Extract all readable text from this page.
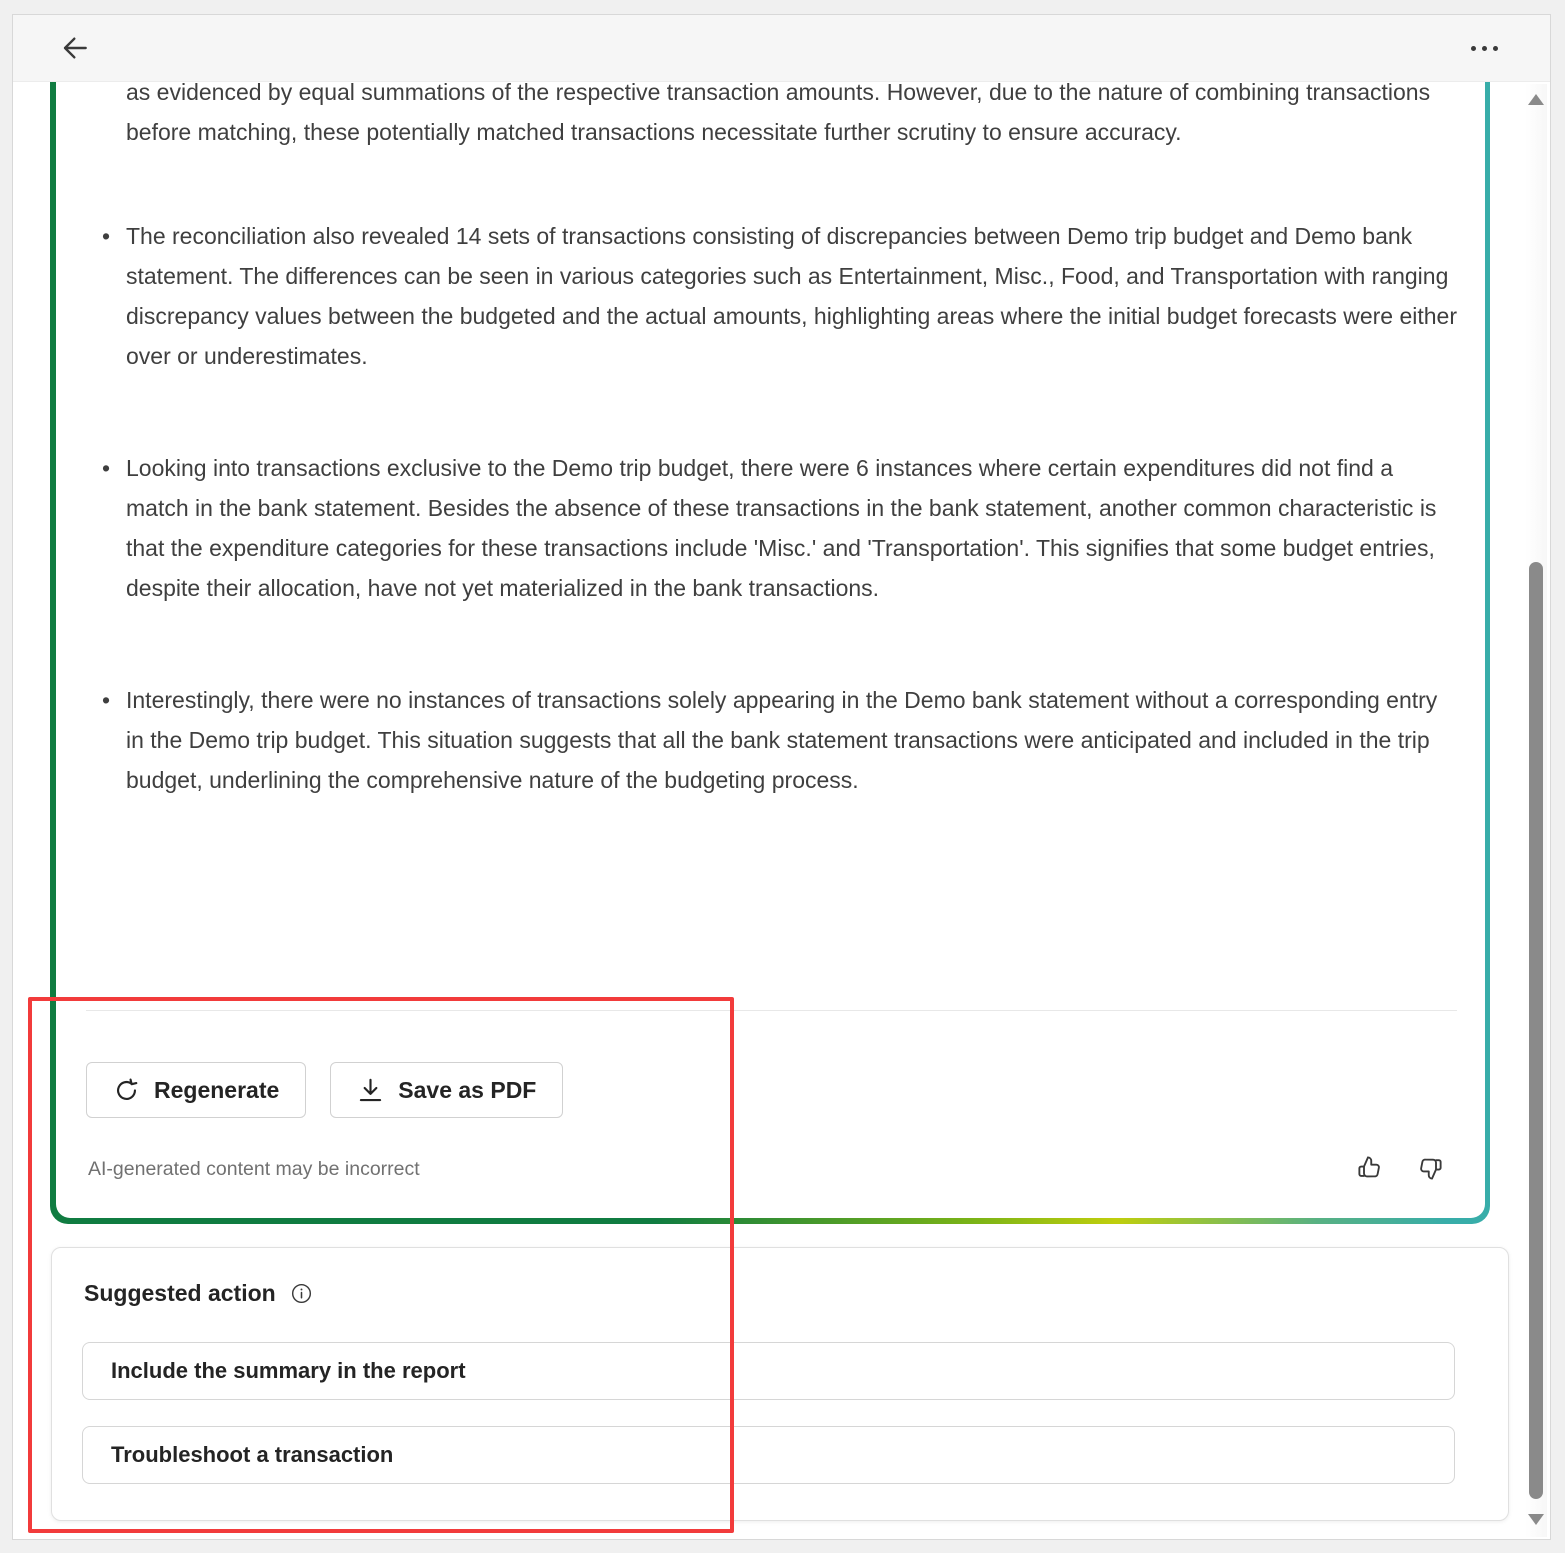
as evidenced by equal summations of the respective transaction amounts. However, due to the nature of combining transactions before matching, these potentially matched transactions necessitate further scrutiny to ensure accuracy.
• The reconciliation also revealed 14 sets of transactions consisting of discrepancies between Demo trip budget and Demo bank statement. The differences can be seen in various categories such as Entertainment, Misc., Food, and Transportation with ranging discrepancy values between the budgeted and the actual amounts, highlighting areas where the initial budget forecasts were either over or underestimates.
• Looking into transactions exclusive to the Demo trip budget, there were 6 instances where certain expenditures did not find a match in the bank statement. Besides the absence of these transactions in the bank statement, another common characteristic is that the expenditure categories for these transactions include 'Misc.' and 'Transportation'. This signifies that some budget entries, despite their allocation, have not yet materialized in the bank transactions.
• Interestingly, there were no instances of transactions solely appearing in the Demo bank statement without a corresponding entry in the Demo trip budget. This situation suggests that all the bank statement transactions were anticipated and included in the trip budget, underlining the comprehensive nature of the budgeting process.
Regenerate	Save as PDF
AI-generated content may be incorrect
Suggested action
Include the summary in the report
Troubleshoot a transaction
